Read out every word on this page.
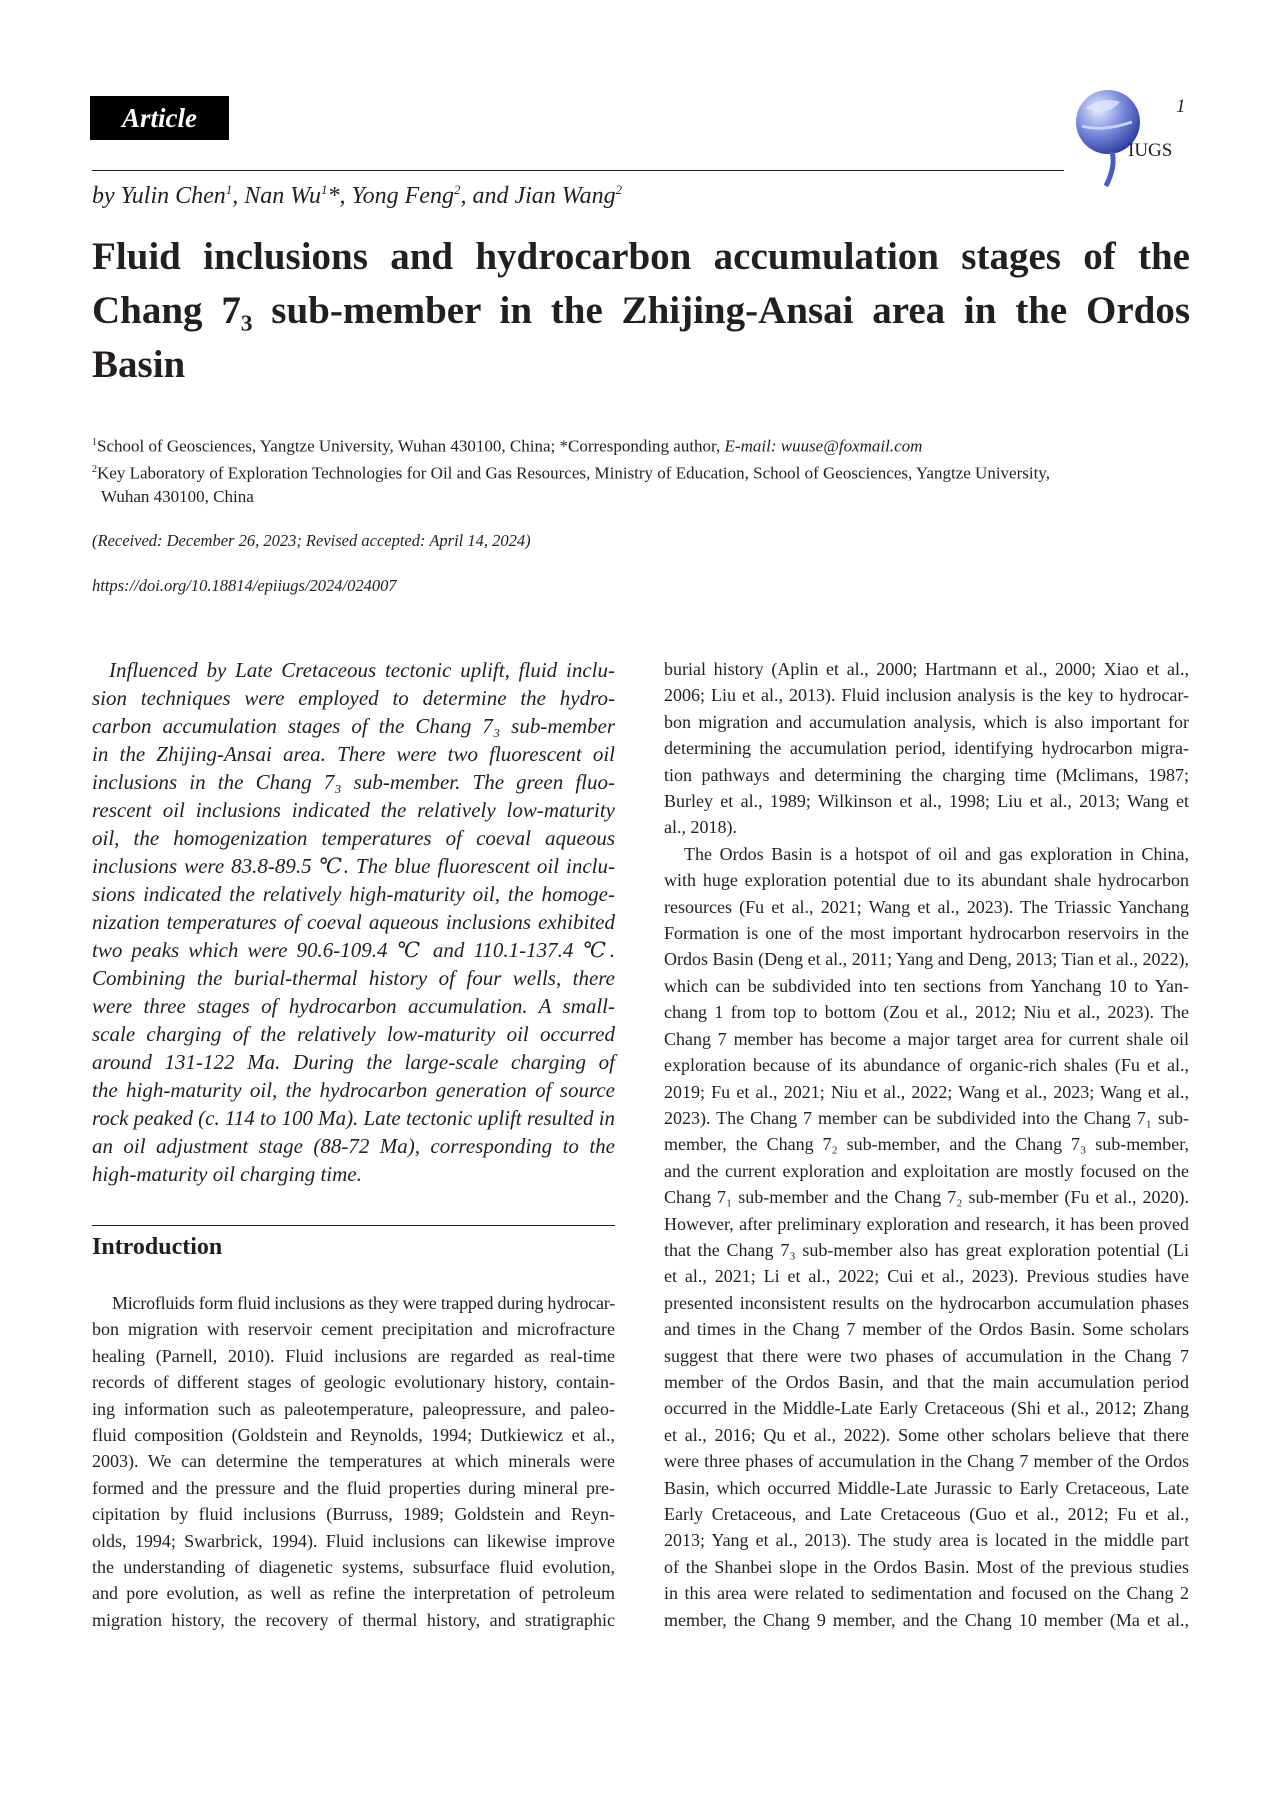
Article	1
IUGS
by Yulin Chen$^1$, Nan Wu$^1$*, Yong Feng$^2$, and Jian Wang$^2$
Fluid inclusions and hydrocarbon accumulation stages of the
Chang 7₃ sub-member in the Zhijing-Ansai area in the Ordos
Basin
$^1$School of Geosciences, Yangtze University, Wuhan 430100, China; *Corresponding author, E-mail: wuuse@foxmail.com
$^2$Key Laboratory of Exploration Technologies for Oil and Gas Resources, Ministry of Education, School of Geosciences, Yangtze University,
Wuhan 430100, China
(Received: December 26, 2023; Revised accepted: April 14, 2024)
https://doi.org/10.18814/epiiugs/2024/024007
Influenced by Late Cretaceous tectonic uplift, fluid inclu-
sion techniques were employed to determine the hydro-
carbon accumulation stages of the Chang 7₃ sub-member
in the Zhijing-Ansai area. There were two fluorescent oil
inclusions in the Chang 7₃ sub-member. The green fluo-
rescent oil inclusions indicated the relatively low-maturity
oil, the homogenization temperatures of coeval aqueous
inclusions were 83.8-89.5 ℃. The blue fluorescent oil inclu-
sions indicated the relatively high-maturity oil, the homoge-
nization temperatures of coeval aqueous inclusions exhibited
two peaks which were 90.6-109.4 ℃ and 110.1-137.4 ℃.
Combining the burial-thermal history of four wells, there
were three stages of hydrocarbon accumulation. A small-
scale charging of the relatively low-maturity oil occurred
around 131-122 Ma. During the large-scale charging of
the high-maturity oil, the hydrocarbon generation of source
rock peaked (c. 114 to 100 Ma). Late tectonic uplift resulted in
an oil adjustment stage (88-72 Ma), corresponding to the
high-maturity oil charging time.
Introduction
Microfluids form fluid inclusions as they were trapped during hydrocar-
bon migration with reservoir cement precipitation and microfracture
healing (Parnell, 2010). Fluid inclusions are regarded as real-time
records of different stages of geologic evolutionary history, contain-
ing information such as paleotemperature, paleopressure, and paleo-
fluid composition (Goldstein and Reynolds, 1994; Dutkiewicz et al.,
2003). We can determine the temperatures at which minerals were
formed and the pressure and the fluid properties during mineral pre-
cipitation by fluid inclusions (Burruss, 1989; Goldstein and Reyn-
olds, 1994; Swarbrick, 1994). Fluid inclusions can likewise improve
the understanding of diagenetic systems, subsurface fluid evolution,
and pore evolution, as well as refine the interpretation of petroleum
migration history, the recovery of thermal history, and stratigraphic
burial history (Aplin et al., 2000; Hartmann et al., 2000; Xiao et al.,
2006; Liu et al., 2013). Fluid inclusion analysis is the key to hydrocar-
bon migration and accumulation analysis, which is also important for
determining the accumulation period, identifying hydrocarbon migra-
tion pathways and determining the charging time (Mclimans, 1987;
Burley et al., 1989; Wilkinson et al., 1998; Liu et al., 2013; Wang et
al., 2018).
The Ordos Basin is a hotspot of oil and gas exploration in China,
with huge exploration potential due to its abundant shale hydrocarbon
resources (Fu et al., 2021; Wang et al., 2023). The Triassic Yanchang
Formation is one of the most important hydrocarbon reservoirs in the
Ordos Basin (Deng et al., 2011; Yang and Deng, 2013; Tian et al., 2022),
which can be subdivided into ten sections from Yanchang 10 to Yan-
chang 1 from top to bottom (Zou et al., 2012; Niu et al., 2023). The
Chang 7 member has become a major target area for current shale oil
exploration because of its abundance of organic-rich shales (Fu et al.,
2019; Fu et al., 2021; Niu et al., 2022; Wang et al., 2023; Wang et al.,
2023). The Chang 7 member can be subdivided into the Chang 7₁ sub-
member, the Chang 7₂ sub-member, and the Chang 7₃ sub-member,
and the current exploration and exploitation are mostly focused on the
Chang 7₁ sub-member and the Chang 7₂ sub-member (Fu et al., 2020).
However, after preliminary exploration and research, it has been proved
that the Chang 7₃ sub-member also has great exploration potential (Li
et al., 2021; Li et al., 2022; Cui et al., 2023). Previous studies have
presented inconsistent results on the hydrocarbon accumulation phases
and times in the Chang 7 member of the Ordos Basin. Some scholars
suggest that there were two phases of accumulation in the Chang 7
member of the Ordos Basin, and that the main accumulation period
occurred in the Middle-Late Early Cretaceous (Shi et al., 2012; Zhang
et al., 2016; Qu et al., 2022). Some other scholars believe that there
were three phases of accumulation in the Chang 7 member of the Ordos
Basin, which occurred Middle-Late Jurassic to Early Cretaceous, Late
Early Cretaceous, and Late Cretaceous (Guo et al., 2012; Fu et al.,
2013; Yang et al., 2013). The study area is located in the middle part
of the Shanbei slope in the Ordos Basin. Most of the previous studies
in this area were related to sedimentation and focused on the Chang 2
member, the Chang 9 member, and the Chang 10 member (Ma et al.,
